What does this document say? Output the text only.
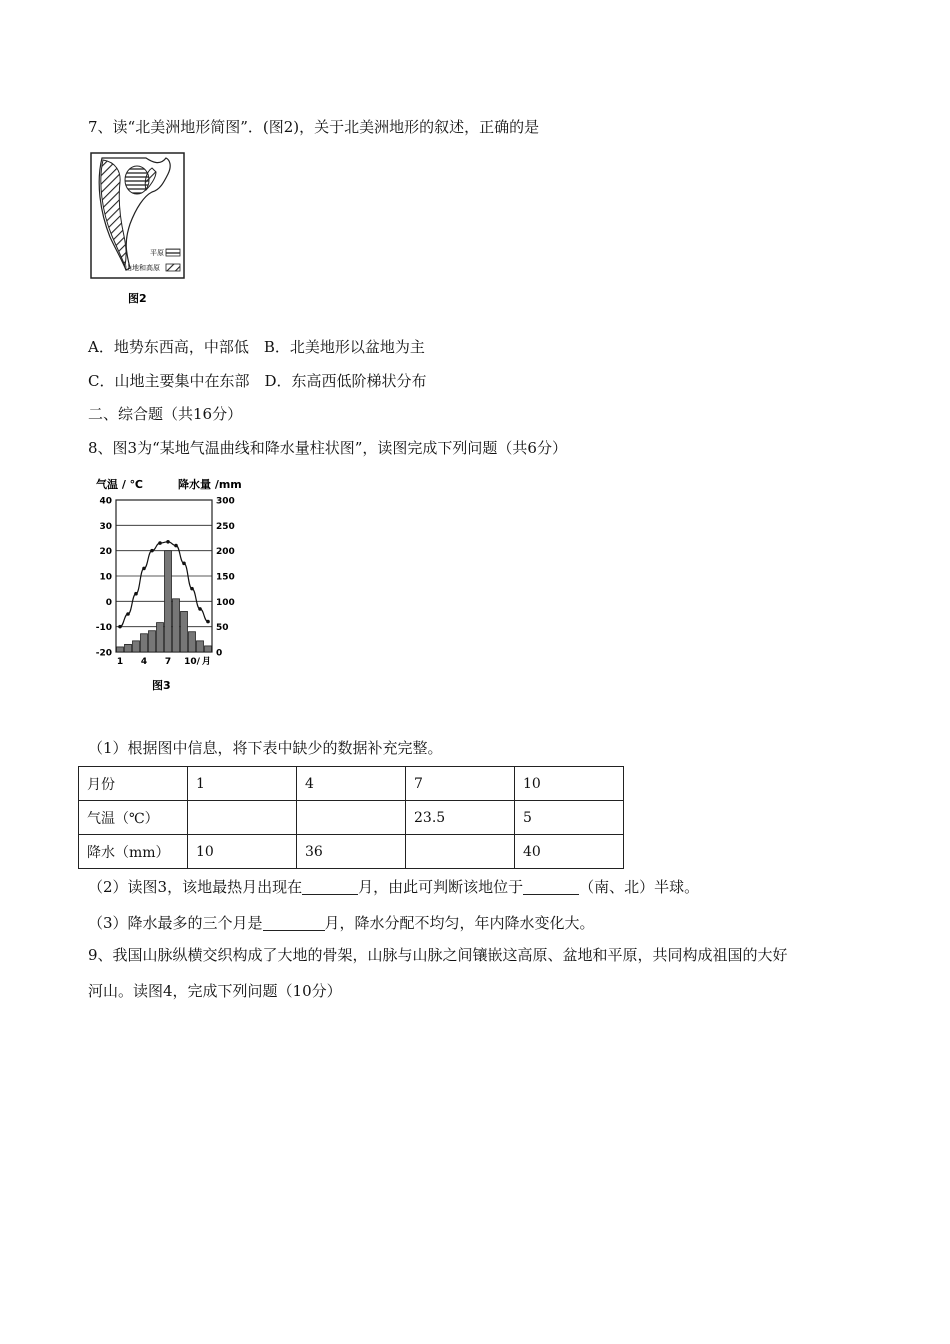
7、读“北美洲地形简图”．(图2)，关于北美洲地形的叙述，正确的是
平原
山地和高原
图2
A．地势东西高，中部低　B．北美地形以盆地为主
C．山地主要集中在东部　D．东高西低阶梯状分布
二、综合题（共16分）
8、图3为“某地气温曲线和降水量柱状图”，读图完成下列问题（共6分）
气温 / ℃	降水量 /mm
40	300
30	250
20	200
10	150
0	100
-10	50
-20	0
1 4 7 10/ 月
图3
（1）根据图中信息，将下表中缺少的数据补充完整。
月份	1	4	7	10
气温（℃）			23.5	5
降水（mm）	10	36		40
（2）读图3，该地最热月出现在	月，由此可判断该地位于	（南、北）半球。
（3）降水最多的三个月是	月，降水分配不均匀，年内降水变化大。
9、我国山脉纵横交织构成了大地的骨架，山脉与山脉之间镶嵌这高原、盆地和平原，共同构成祖国的大好
河山。读图4，完成下列问题（10分）
